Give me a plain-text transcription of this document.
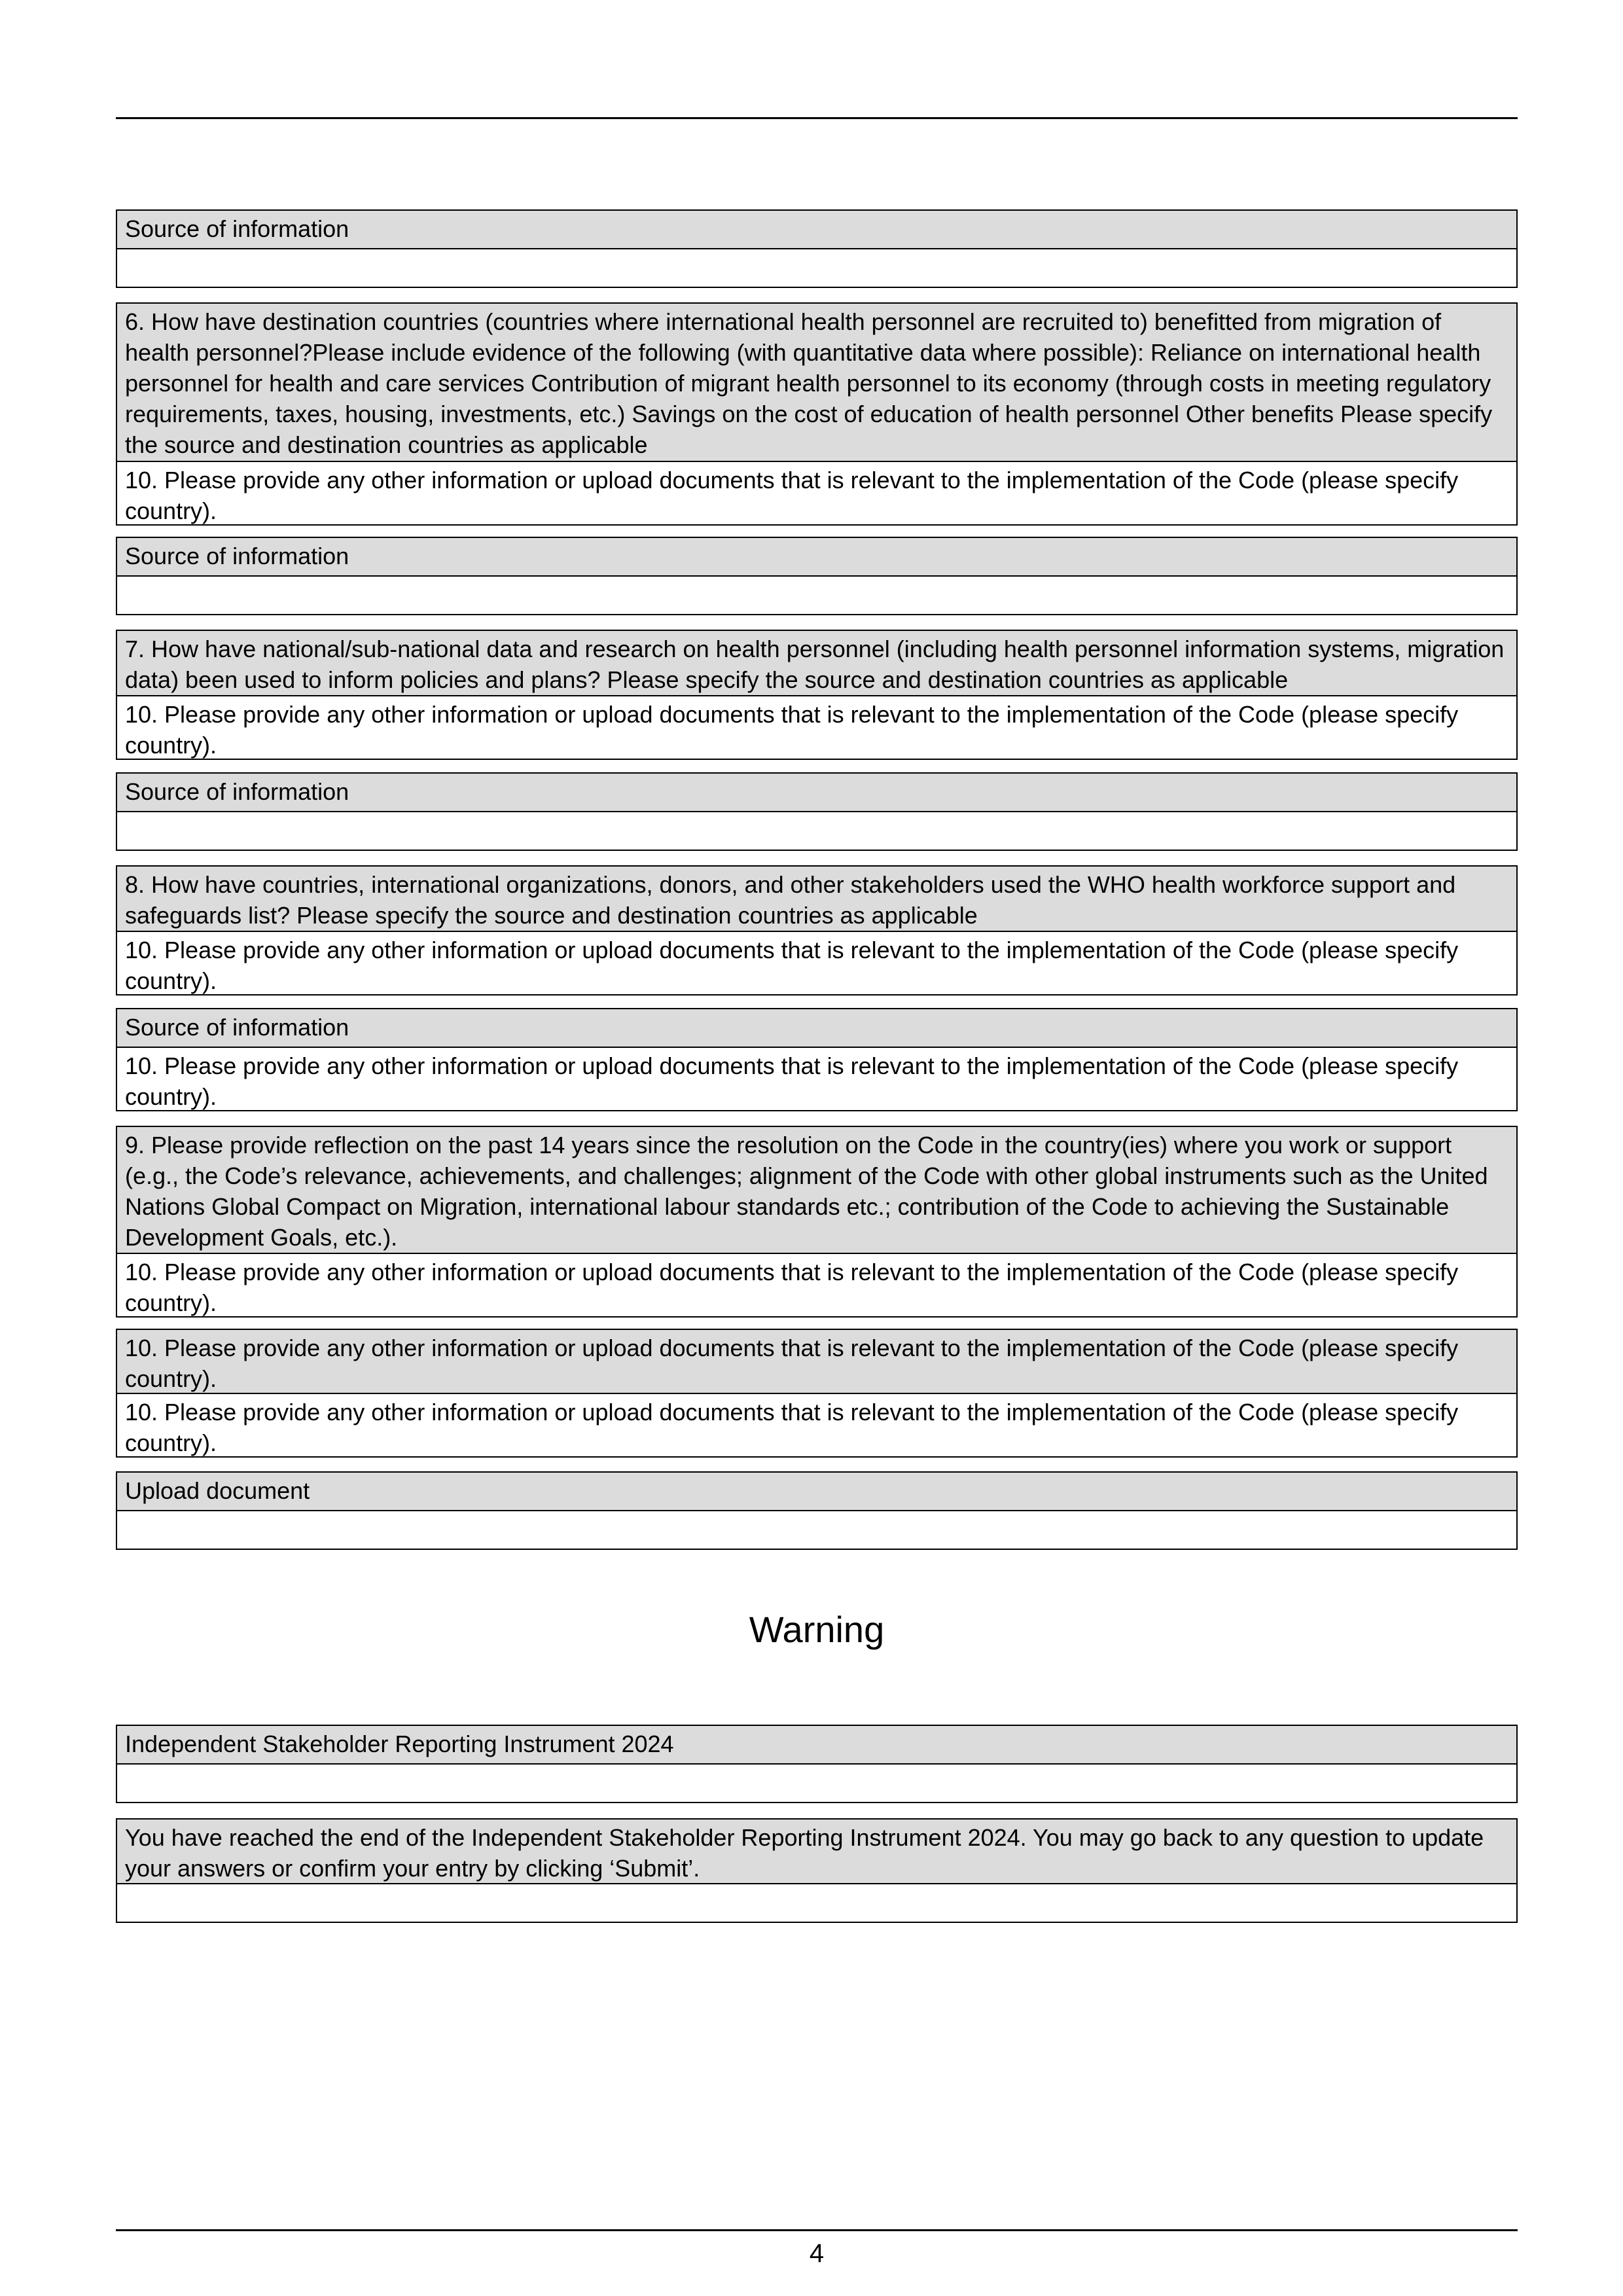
Source of information
6. How have destination countries (countries where international health personnel are recruited to) benefitted from migration of health personnel?Please include evidence of the following (with quantitative data where possible): Reliance on international health personnel for health and care services Contribution of migrant health personnel to its economy (through costs in meeting regulatory requirements, taxes, housing, investments, etc.) Savings on the cost of education of health personnel Other benefits Please specify the source and destination countries as applicable
10. Please provide any other information or upload documents that is relevant to the implementation of the Code (please specify country).
Source of information
7. How have national/sub-national data and research on health personnel (including health personnel information systems, migration data) been used to inform policies and plans? Please specify the source and destination countries as applicable
10. Please provide any other information or upload documents that is relevant to the implementation of the Code (please specify country).
Source of information
8. How have countries, international organizations, donors, and other stakeholders used the WHO health workforce support and safeguards list? Please specify the source and destination countries as applicable
10. Please provide any other information or upload documents that is relevant to the implementation of the Code (please specify country).
Source of information
10. Please provide any other information or upload documents that is relevant to the implementation of the Code (please specify country).
9. Please provide reflection on the past 14 years since the resolution on the Code in the country(ies) where you work or support (e.g., the Code’s relevance, achievements, and challenges; alignment of the Code with other global instruments such as the United Nations Global Compact on Migration, international labour standards etc.; contribution of the Code to achieving the Sustainable Development Goals, etc.).
10. Please provide any other information or upload documents that is relevant to the implementation of the Code (please specify country).
10. Please provide any other information or upload documents that is relevant to the implementation of the Code (please specify country).
10. Please provide any other information or upload documents that is relevant to the implementation of the Code (please specify country).
Upload document
Warning
Independent Stakeholder Reporting Instrument 2024
You have reached the end of the Independent Stakeholder Reporting Instrument 2024. You may go back to any question to update your answers or confirm your entry by clicking ‘Submit’.
4
